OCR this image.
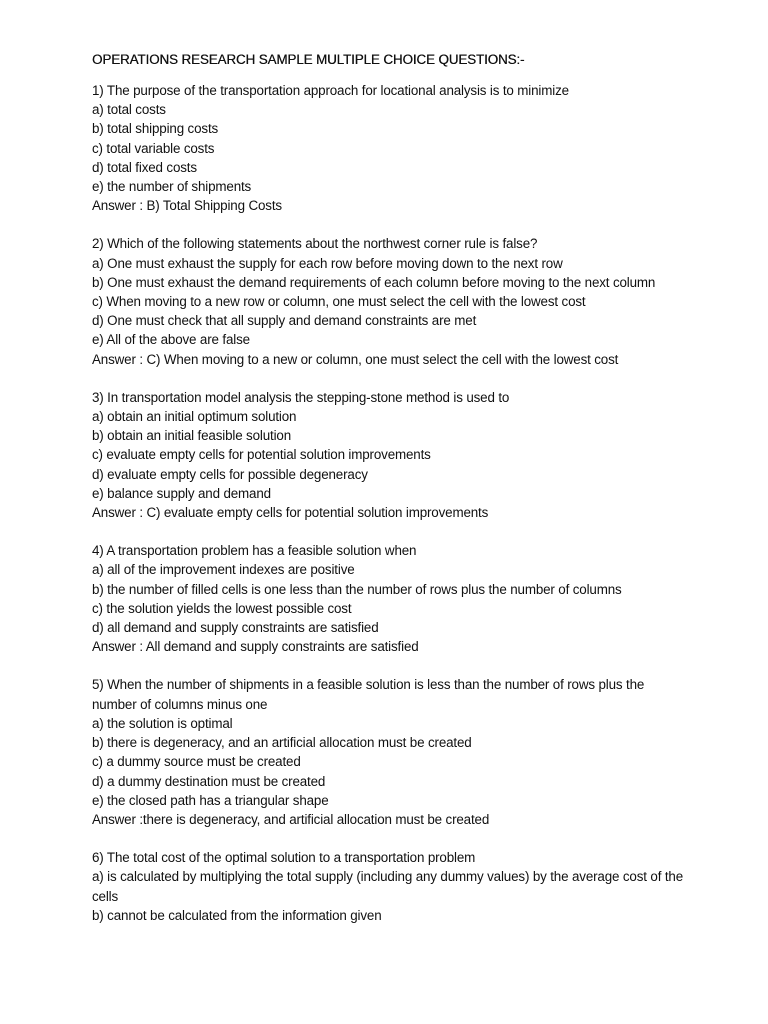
OPERATIONS RESEARCH SAMPLE MULTIPLE CHOICE QUESTIONS:-
1) The purpose of the transportation approach for locational analysis is to minimize
a) total costs
b) total shipping costs
c) total variable costs
d) total fixed costs
e) the number of shipments
Answer : B) Total Shipping Costs
2) Which of the following statements about the northwest corner rule is false?
a) One must exhaust the supply for each row before moving down to the next row
b) One must exhaust the demand requirements of each column before moving to the next column
c) When moving to a new row or column, one must select the cell with the lowest cost
d) One must check that all supply and demand constraints are met
e) All of the above are false
Answer : C) When moving to a new or column, one must select the cell with the lowest cost
3) In transportation model analysis the stepping-stone method is used to
a) obtain an initial optimum solution
b) obtain an initial feasible solution
c) evaluate empty cells for potential solution improvements
d) evaluate empty cells for possible degeneracy
e) balance supply and demand
Answer : C) evaluate empty cells for potential solution improvements
4) A transportation problem has a feasible solution when
a) all of the improvement indexes are positive
b) the number of filled cells is one less than the number of rows plus the number of columns
c) the solution yields the lowest possible cost
d) all demand and supply constraints are satisfied
Answer : All demand and supply constraints are satisfied
5) When the number of shipments in a feasible solution is less than the number of rows plus the
number of columns minus one
a) the solution is optimal
b) there is degeneracy, and an artificial allocation must be created
c) a dummy source must be created
d) a dummy destination must be created
e) the closed path has a triangular shape
Answer :there is degeneracy, and artificial allocation must be created
6) The total cost of the optimal solution to a transportation problem
a) is calculated by multiplying the total supply (including any dummy values) by the average cost of the
cells
b) cannot be calculated from the information given
